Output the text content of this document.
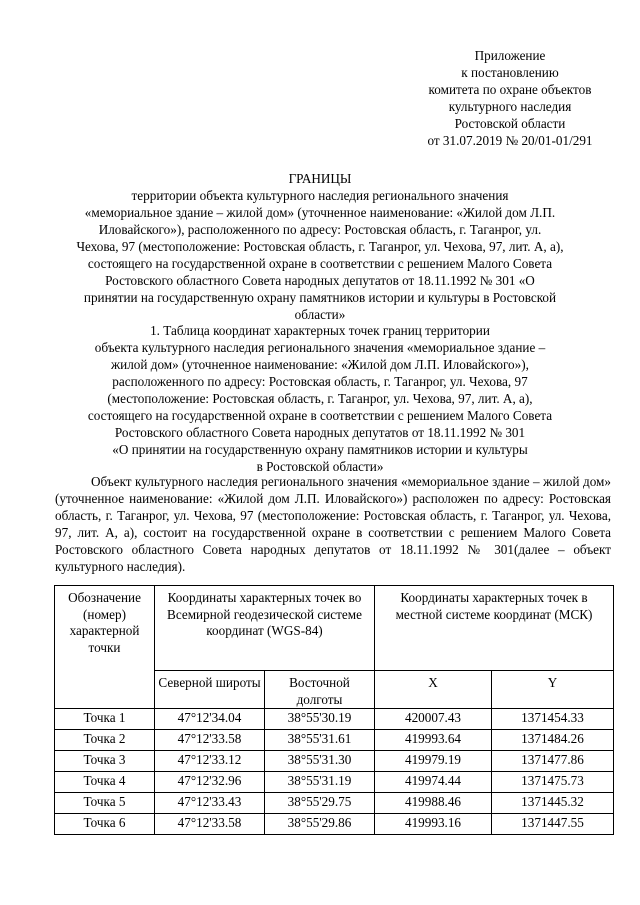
Приложение
к постановлению
комитета по охране объектов
культурного наследия
Ростовской области
от 31.07.2019 № 20/01-01/291
ГРАНИЦЫ
территории объекта культурного наследия регионального значения
«мемориальное здание – жилой дом» (уточненное наименование: «Жилой дом Л.П.
Иловайского»), расположенного по адресу: Ростовская область, г. Таганрог, ул.
Чехова, 97 (местоположение: Ростовская область, г. Таганрог, ул. Чехова, 97, лит. А, а),
состоящего на государственной охране в соответствии с решением Малого Совета
Ростовского областного Совета народных депутатов от 18.11.1992 № 301 «О
принятии на государственную охрану памятников истории и культуры в Ростовской
области»
1. Таблица координат характерных точек границ территории
объекта культурного наследия регионального значения «мемориальное здание –
жилой дом» (уточненное наименование: «Жилой дом Л.П. Иловайского»),
расположенного по адресу: Ростовская область, г. Таганрог, ул. Чехова, 97
(местоположение: Ростовская область, г. Таганрог, ул. Чехова, 97, лит. А, а),
состоящего на государственной охране в соответствии с решением Малого Совета
Ростовского областного Совета народных депутатов от 18.11.1992 № 301
«О принятии на государственную охрану памятников истории и культуры
в Ростовской области»
Объект культурного наследия регионального значения «мемориальное здание – жилой дом» (уточненное наименование: «Жилой дом Л.П. Иловайского») расположен по адресу: Ростовская область, г. Таганрог, ул. Чехова, 97 (местоположение: Ростовская область, г. Таганрог, ул. Чехова, 97, лит. А, а), состоит на государственной охране в соответствии с решением Малого Совета Ростовского областного Совета народных депутатов от 18.11.1992 № 301(далее – объект культурного наследия).
Обозначение (номер) характерной точки	Координаты характерных точек во Всемирной геодезической системе координат (WGS-84)		Координаты характерных точек в местной системе координат (МСК)	
	Северной широты	Восточной долготы	X	Y
Точка 1	47°12'34.04	38°55'30.19	420007.43	1371454.33
Точка 2	47°12'33.58	38°55'31.61	419993.64	1371484.26
Точка 3	47°12'33.12	38°55'31.30	419979.19	1371477.86
Точка 4	47°12'32.96	38°55'31.19	419974.44	1371475.73
Точка 5	47°12'33.43	38°55'29.75	419988.46	1371445.32
Точка 6	47°12'33.58	38°55'29.86	419993.16	1371447.55
